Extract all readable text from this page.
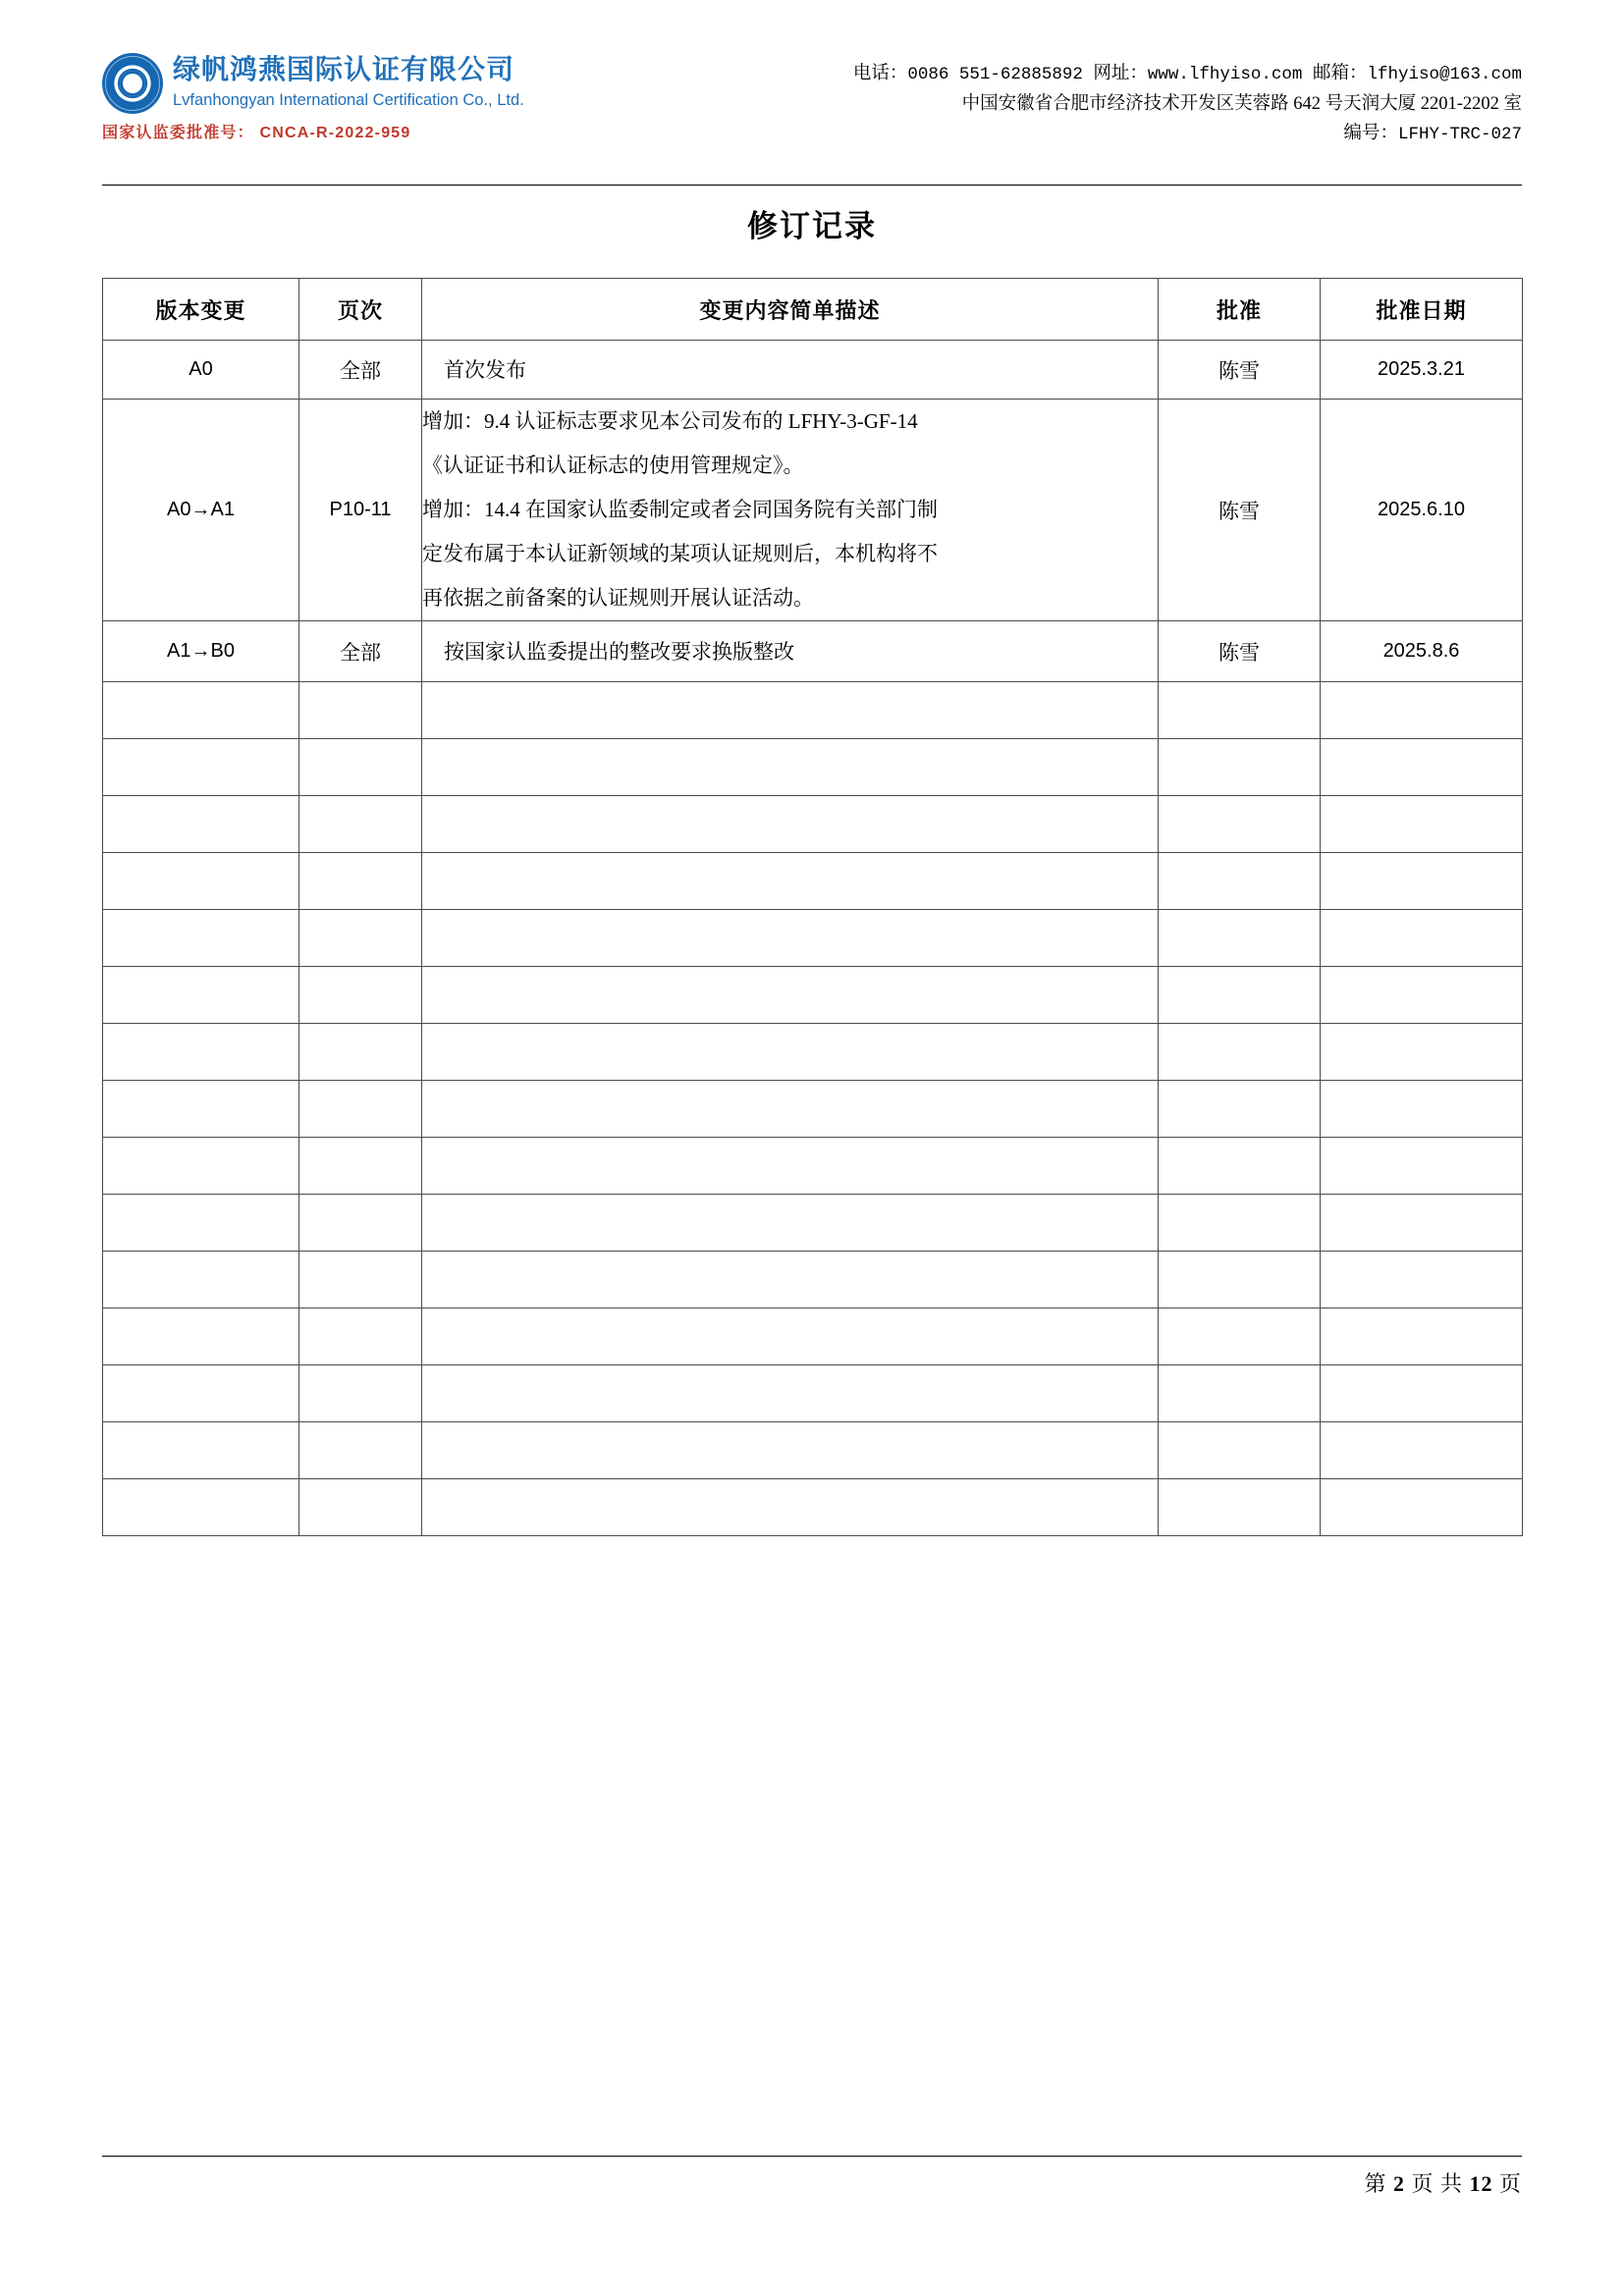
绿帆鸿燕国际认证有限公司
Lvfanhongyan International Certification Co., Ltd.
国家认监委批准号： CNCA-R-2022-959
电话：0086 551-62885892 网址：www.lfhyiso.com 邮箱：lfhyiso@163.com
中国安徽省合肥市经济技术开发区芙蓉路 642 号天润大厦 2201-2202 室
编号：LFHY-TRC-027
修订记录
版本变更	页次	变更内容简单描述	批准	批准日期
A0	全部	首次发布	陈雪	2025.3.21
A0→A1	P10-11	增加：9.4 认证标志要求见本公司发布的 LFHY-3-GF-14
《认证证书和认证标志的使用管理规定》。
增加：14.4 在国家认监委制定或者会同国务院有关部门制
定发布属于本认证新领域的某项认证规则后，本机构将不
再依据之前备案的认证规则开展认证活动。	陈雪	2025.6.10
A1→B0	全部	按国家认监委提出的整改要求换版整改	陈雪	2025.8.6

第 2 页 共 12 页
